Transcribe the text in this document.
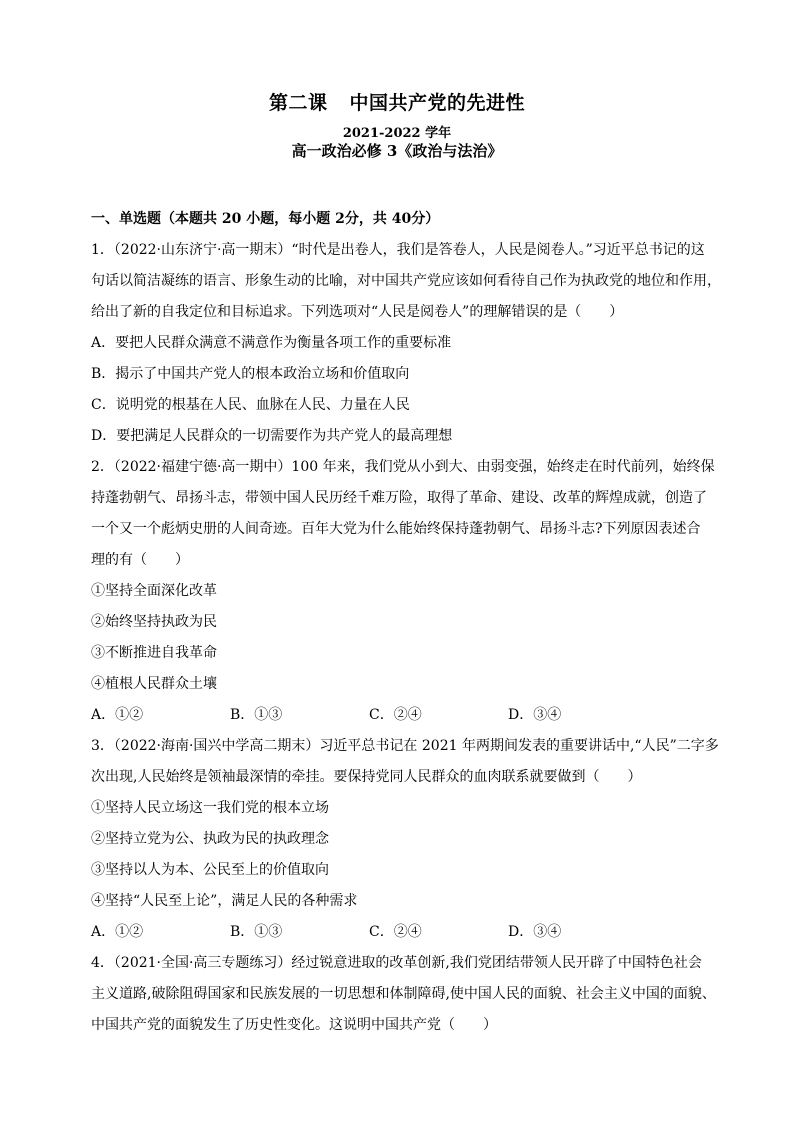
第二课 中国共产党的先进性
2021-2022 学年
高一政治必修 3《政治与法治》
一、单选题（本题共 20 小题，每小题 2分，共 40分）
1．（2022·山东济宁·高一期末）“时代是出卷人，我们是答卷人，人民是阅卷人。”习近平总书记的这
句话以简洁凝练的语言、形象生动的比喻，对中国共产党应该如何看待自己作为执政党的地位和作用，
给出了新的自我定位和目标追求。下列选项对“人民是阅卷人”的理解错误的是（　　）
A．要把人民群众满意不满意作为衡量各项工作的重要标准
B．揭示了中国共产党人的根本政治立场和价值取向
C．说明党的根基在人民、血脉在人民、力量在人民
D．要把满足人民群众的一切需要作为共产党人的最高理想
2．（2022·福建宁德·高一期中）100 年来，我们党从小到大、由弱变强，始终走在时代前列，始终保
持蓬勃朝气、昂扬斗志，带领中国人民历经千难万险，取得了革命、建设、改革的辉煌成就，创造了
一个又一个彪炳史册的人间奇迹。百年大党为什么能始终保持蓬勃朝气、昂扬斗志?下列原因表述合
理的有（　　）
①坚持全面深化改革
②始终坚持执政为民
③不断推进自我革命
④植根人民群众土壤
A．①②	B．①③	C．②④	D．③④
3．（2022·海南·国兴中学高二期末）习近平总书记在 2021 年两期间发表的重要讲话中,“人民”二字多
次出现,人民始终是领袖最深情的牵挂。要保持党同人民群众的血肉联系就要做到（　　）
①坚持人民立场这一我们党的根本立场
②坚持立党为公、执政为民的执政理念
③坚持以人为本、公民至上的价值取向
④坚持“人民至上论”，满足人民的各种需求
A．①②	B．①③	C．②④	D．③④
4．（2021·全国·高三专题练习）经过锐意进取的改革创新,我们党团结带领人民开辟了中国特色社会
主义道路,破除阻碍国家和民族发展的一切思想和体制障碍,使中国人民的面貌、社会主义中国的面貌、
中国共产党的面貌发生了历史性变化。这说明中国共产党（　　）
